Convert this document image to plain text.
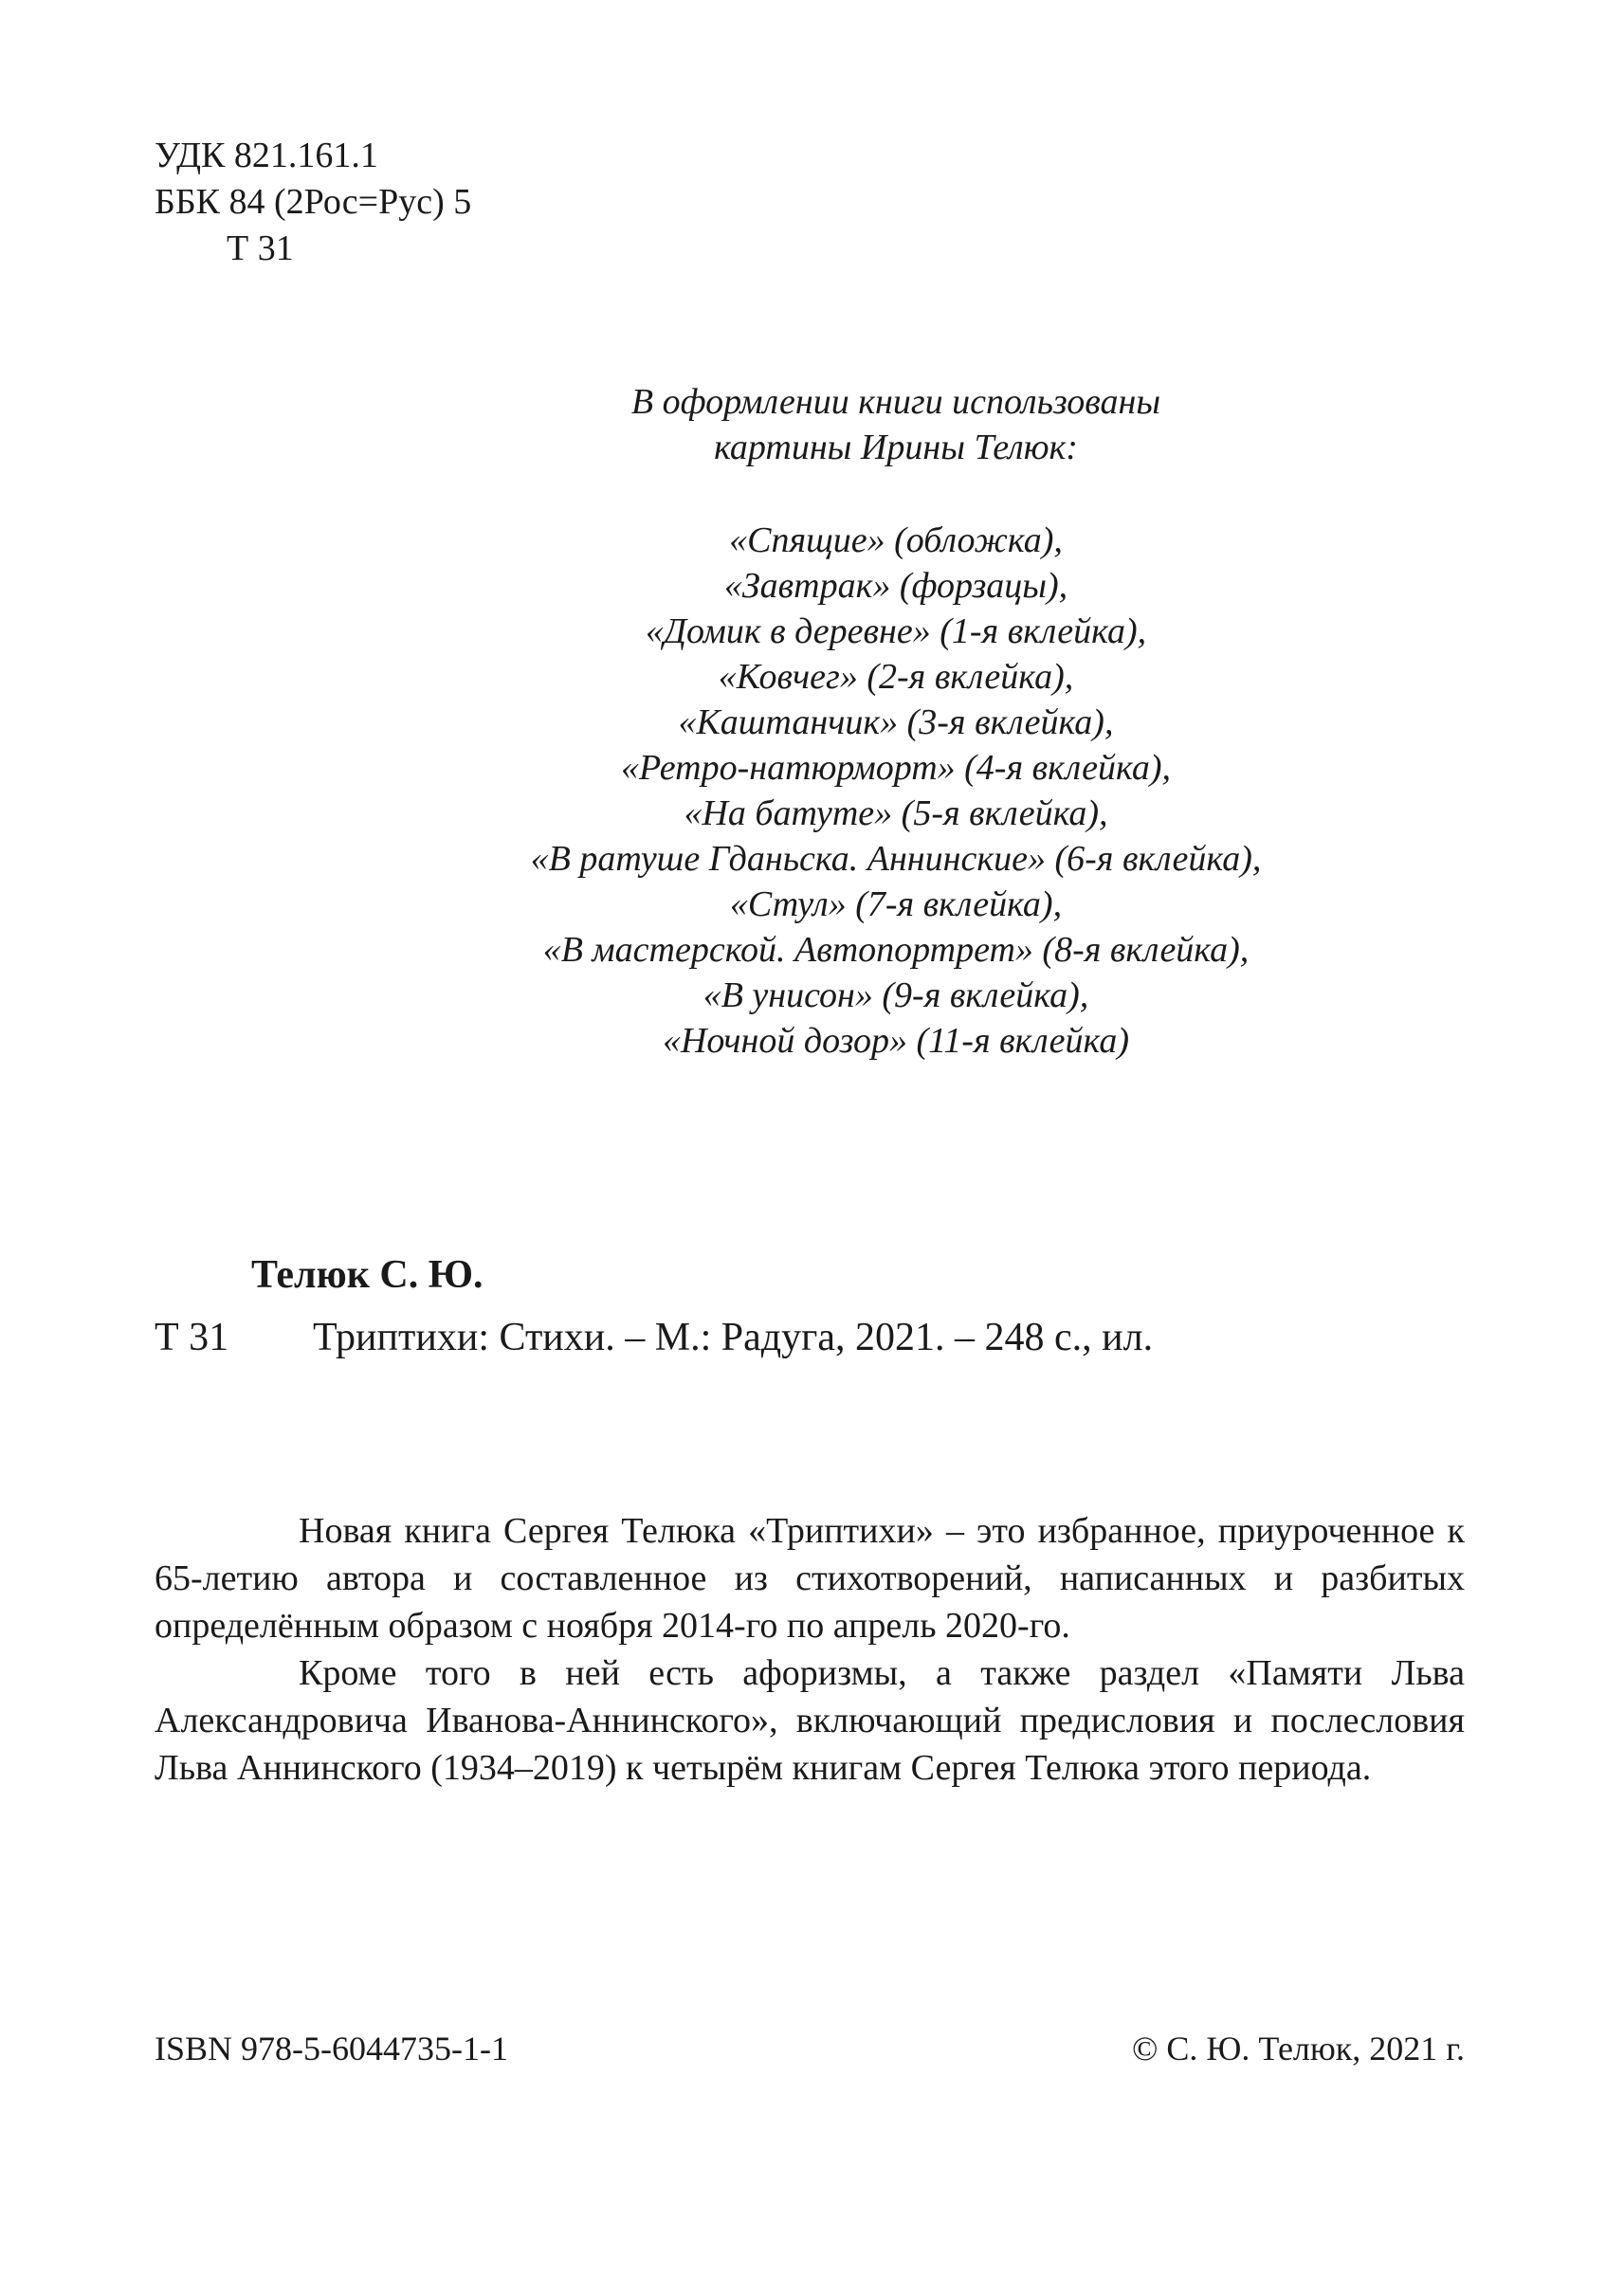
УДК 821.161.1
ББК 84 (2Рос=Рус) 5
Т 31
В оформлении книги использованы
картины Ирины Телюк:
«Спящие» (обложка),
«Завтрак» (форзацы),
«Домик в деревне» (1-я вклейка),
«Ковчег» (2-я вклейка),
«Каштанчик» (3-я вклейка),
«Ретро-натюрморт» (4-я вклейка),
«На батуте» (5-я вклейка),
«В ратуше Гданьска. Аннинские» (6-я вклейка),
«Стул» (7-я вклейка),
«В мастерской. Автопортрет» (8-я вклейка),
«В унисон» (9-я вклейка),
«Ночной дозор» (11-я вклейка)
Телюк С. Ю.
Т 31 Триптихи: Стихи. – М.: Радуга, 2021. – 248 с., ил.

Новая книга Сергея Телюка «Триптихи» – это избранное, приуроченное к 65-летию автора и составленное из стихотворений, написанных и разбитых определённым образом с ноября 2014-го по апрель 2020-го.

Кроме того в ней есть афоризмы, а также раздел «Памяти Льва Александровича Иванова-Аннинского», включающий предисловия и послесловия Льва Аннинского (1934–2019) к четырём книгам Сергея Телюка этого периода.

ISBN 978-5-6044735-1-1	© С. Ю. Телюк, 2021 г.
